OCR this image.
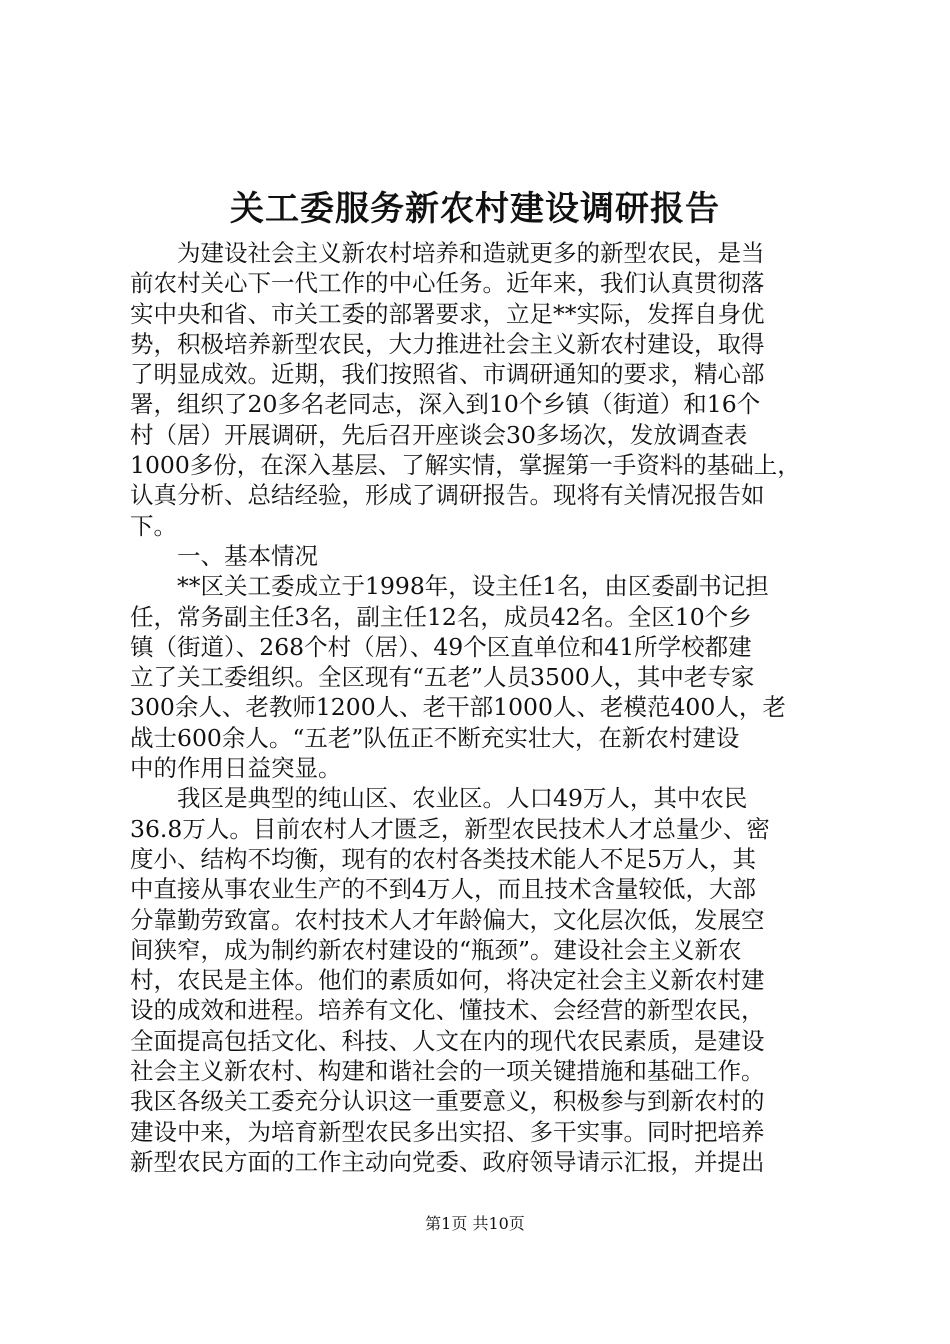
关工委服务新农村建设调研报告
　　为建设社会主义新农村培养和造就更多的新型农民，是当
前农村关心下一代工作的中心任务。近年来，我们认真贯彻落
实中央和省、市关工委的部署要求，立足**实际，发挥自身优
势，积极培养新型农民，大力推进社会主义新农村建设，取得
了明显成效。近期，我们按照省、市调研通知的要求，精心部
署，组织了20多名老同志，深入到10个乡镇（街道）和16个
村（居）开展调研，先后召开座谈会30多场次，发放调查表
1000多份，在深入基层、了解实情，掌握第一手资料的基础上，
认真分析、总结经验，形成了调研报告。现将有关情况报告如
下。
　　一、基本情况
　　**区关工委成立于1998年，设主任1名，由区委副书记担
任，常务副主任3名，副主任12名，成员42名。全区10个乡
镇（街道）、268个村（居）、49个区直单位和41所学校都建
立了关工委组织。全区现有“五老”人员3500人，其中老专家
300余人、老教师1200人、老干部1000人、老模范400人，老
战士600余人。“五老”队伍正不断充实壮大，在新农村建设
中的作用日益突显。
　　我区是典型的纯山区、农业区。人口49万人，其中农民
36.8万人。目前农村人才匮乏，新型农民技术人才总量少、密
度小、结构不均衡，现有的农村各类技术能人不足5万人，其
中直接从事农业生产的不到4万人，而且技术含量较低，大部
分靠勤劳致富。农村技术人才年龄偏大，文化层次低，发展空
间狭窄，成为制约新农村建设的“瓶颈”。建设社会主义新农
村，农民是主体。他们的素质如何，将决定社会主义新农村建
设的成效和进程。培养有文化、懂技术、会经营的新型农民，
全面提高包括文化、科技、人文在内的现代农民素质，是建设
社会主义新农村、构建和谐社会的一项关键措施和基础工作。
我区各级关工委充分认识这一重要意义，积极参与到新农村的
建设中来，为培育新型农民多出实招、多干实事。同时把培养
新型农民方面的工作主动向党委、政府领导请示汇报，并提出
第1页 共10页
